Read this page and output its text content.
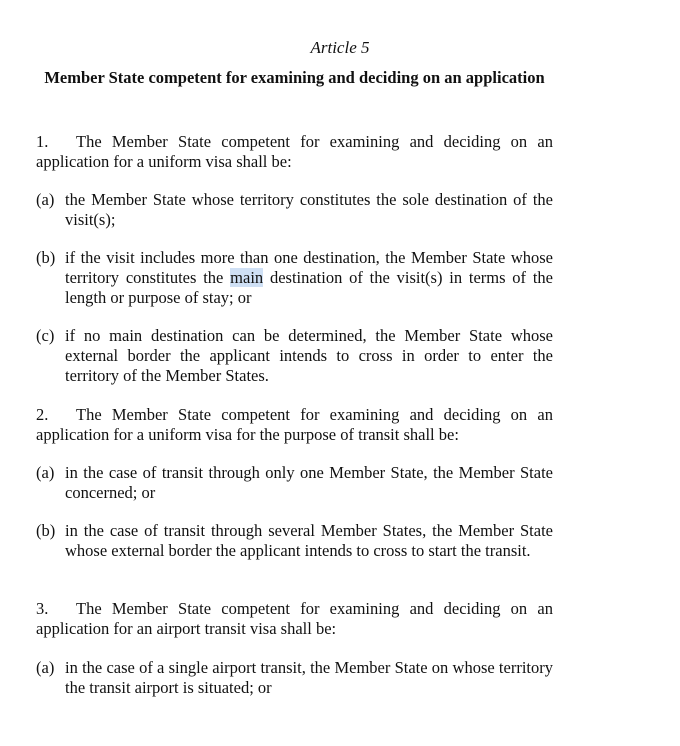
Article 5
Member State competent for examining and deciding on an application
1. The Member State competent for examining and deciding on an application for a uniform visa shall be:
(a) the Member State whose territory constitutes the sole destination of the visit(s);
(b) if the visit includes more than one destination, the Member State whose territory constitutes the main destination of the visit(s) in terms of the length or purpose of stay; or
(c) if no main destination can be determined, the Member State whose external border the applicant intends to cross in order to enter the territory of the Member States.
2. The Member State competent for examining and deciding on an application for a uniform visa for the purpose of transit shall be:
(a) in the case of transit through only one Member State, the Member State concerned; or
(b) in the case of transit through several Member States, the Member State whose external border the applicant intends to cross to start the transit.
3. The Member State competent for examining and deciding on an application for an airport transit visa shall be:
(a) in the case of a single airport transit, the Member State on whose territory the transit airport is situated; or
